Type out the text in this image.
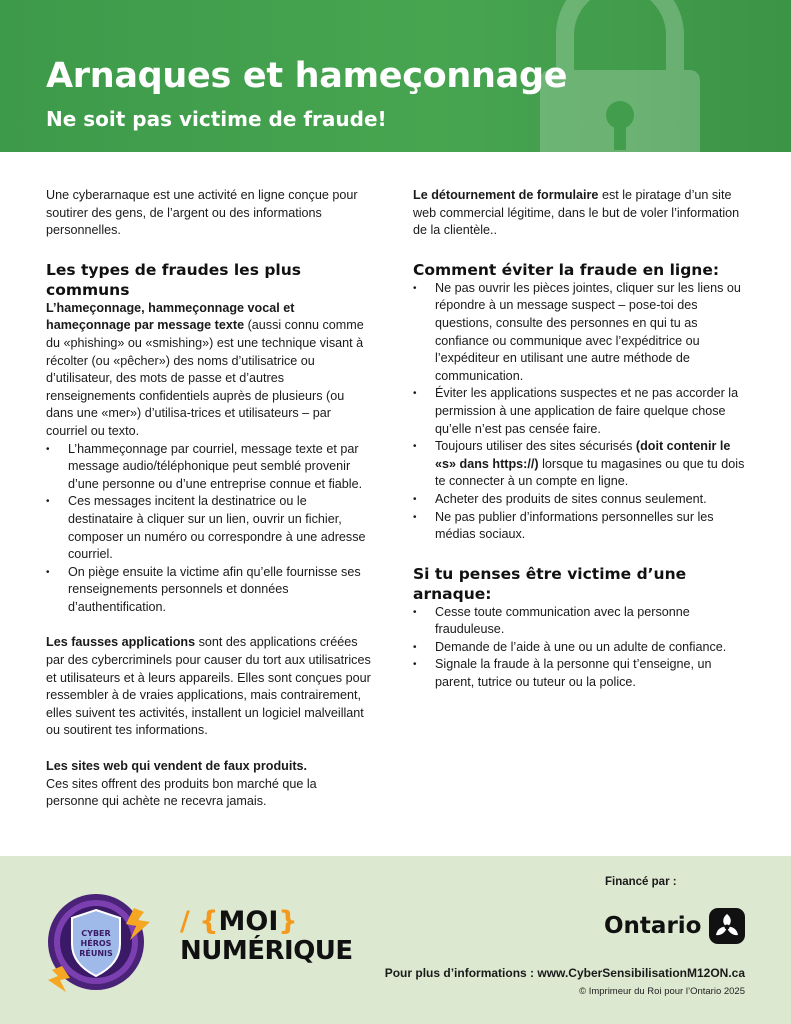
Arnaques et hameçonnage
Ne soit pas victime de fraude!

Une cyberarnaque est une activité en ligne conçue pour soutirer des gens, de l’argent ou des informations personnelles.

Les types de fraudes les plus communs

L’hameçonnage, hammeçonnage vocal et hameçonnage par message texte (aussi connu comme du «phishing» ou «smishing») est une technique visant à récolter (ou «pêcher») des noms d’utilisatrice ou d’utilisateur, des mots de passe et d’autres renseignements confidentiels auprès de plusieurs (ou dans une «mer») d’utilisa-trices et utilisateurs – par courriel ou texto.

• L’hammeçonnage par courriel, message texte et par message audio/téléphonique peut semblé provenir d’une personne ou d’une entreprise connue et fiable.
• Ces messages incitent la destinatrice ou le destinataire à cliquer sur un lien, ouvrir un fichier, composer un numéro ou correspondre à une adresse courriel.
• On piège ensuite la victime afin qu’elle fournisse ses renseignements personnels et données d’authentification.

Les fausses applications sont des applications créées par des cybercriminels pour causer du tort aux utilisatrices et utilisateurs et à leurs appareils. Elles sont conçues pour ressembler à de vraies applications, mais contrairement, elles suivent tes activités, installent un logiciel malveillant ou soutirent tes informations.

Les sites web qui vendent de faux produits.
Ces sites offrent des produits bon marché que la personne qui achète ne recevra jamais.

Le détournement de formulaire est le piratage d’un site web commercial légitime, dans le but de voler l’information de la clientèle..

Comment éviter la fraude en ligne:
• Ne pas ouvrir les pièces jointes, cliquer sur les liens ou répondre à un message suspect – pose-toi des questions, consulte des personnes en qui tu as confiance ou communique avec l’expéditrice ou l’expéditeur en utilisant une autre méthode de communication.
• Éviter les applications suspectes et ne pas accorder la permission à une application de faire quelque chose qu’elle n’est pas censée faire.
• Toujours utiliser des sites sécurisés (doit contenir le «s» dans https://) lorsque tu magasines ou que tu dois te connecter à un compte en ligne.
• Acheter des produits de sites connus seulement.
• Ne pas publier d’informations personnelles sur les médias sociaux.
Si tu penses être victime d’une arnaque:
• Cesse toute communication avec la personne frauduleuse.
• Demande de l’aide à une ou un adulte de confiance.
• Signale la fraude à la personne qui t’enseigne, un parent, tutrice ou tuteur ou la police.
CYBER
HÉROS
RÉUNIS
/ {MOI}
NUMÉRIQUE
Financé par :
Ontario
Pour plus d’informations : www.CyberSensibilisationM12ON.ca
© Imprimeur du Roi pour l’Ontario 2025
